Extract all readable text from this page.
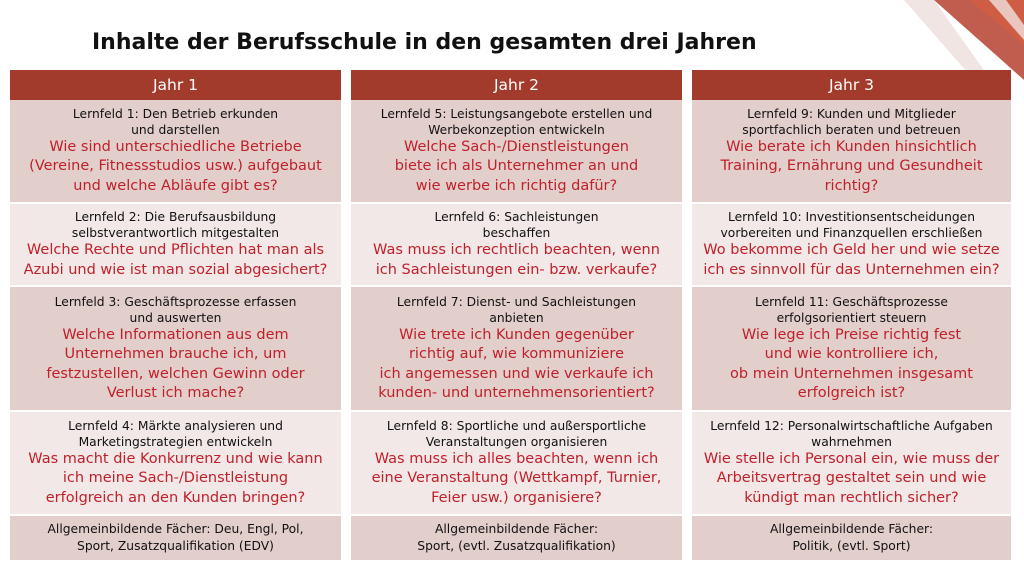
Inhalte der Berufsschule in den gesamten drei Jahren
Jahr 1
Lernfeld 1: Den Betrieb erkunden
und darstellen
Wie sind unterschiedliche Betriebe
(Vereine, Fitnessstudios usw.) aufgebaut
und welche Abläufe gibt es?
Lernfeld 2: Die Berufsausbildung
selbstverantwortlich mitgestalten
Welche Rechte und Pflichten hat man als
Azubi und wie ist man sozial abgesichert?
Lernfeld 3: Geschäftsprozesse erfassen
und auswerten
Welche Informationen aus dem
Unternehmen brauche ich, um
festzustellen, welchen Gewinn oder
Verlust ich mache?
Lernfeld 4: Märkte analysieren und
Marketingstrategien entwickeln
Was macht die Konkurrenz und wie kann
ich meine Sach-/Dienstleistung
erfolgreich an den Kunden bringen?
Allgemeinbildende Fächer: Deu, Engl, Pol,
Sport, Zusatzqualifikation (EDV)
Jahr 2
Lernfeld 5: Leistungsangebote erstellen und
Werbekonzeption entwickeln
Welche Sach-/Dienstleistungen
biete ich als Unternehmer an und
wie werbe ich richtig dafür?
Lernfeld 6: Sachleistungen
beschaffen
Was muss ich rechtlich beachten, wenn
ich Sachleistungen ein- bzw. verkaufe?
Lernfeld 7: Dienst- und Sachleistungen
anbieten
Wie trete ich Kunden gegenüber
richtig auf, wie kommuniziere
ich angemessen und wie verkaufe ich
kunden- und unternehmensorientiert?
Lernfeld 8: Sportliche und außersportliche
Veranstaltungen organisieren
Was muss ich alles beachten, wenn ich
eine Veranstaltung (Wettkampf, Turnier,
Feier usw.) organisiere?
Allgemeinbildende Fächer:
Sport, (evtl. Zusatzqualifikation)
Jahr 3
Lernfeld 9: Kunden und Mitglieder
sportfachlich beraten und betreuen
Wie berate ich Kunden hinsichtlich
Training, Ernährung und Gesundheit
richtig?
Lernfeld 10: Investitionsentscheidungen
vorbereiten und Finanzquellen erschließen
Wo bekomme ich Geld her und wie setze
ich es sinnvoll für das Unternehmen ein?
Lernfeld 11: Geschäftsprozesse
erfolgsorientiert steuern
Wie lege ich Preise richtig fest
und wie kontrolliere ich,
ob mein Unternehmen insgesamt
erfolgreich ist?
Lernfeld 12: Personalwirtschaftliche Aufgaben
wahrnehmen
Wie stelle ich Personal ein, wie muss der
Arbeitsvertrag gestaltet sein und wie
kündigt man rechtlich sicher?
Allgemeinbildende Fächer:
Politik, (evtl. Sport)
